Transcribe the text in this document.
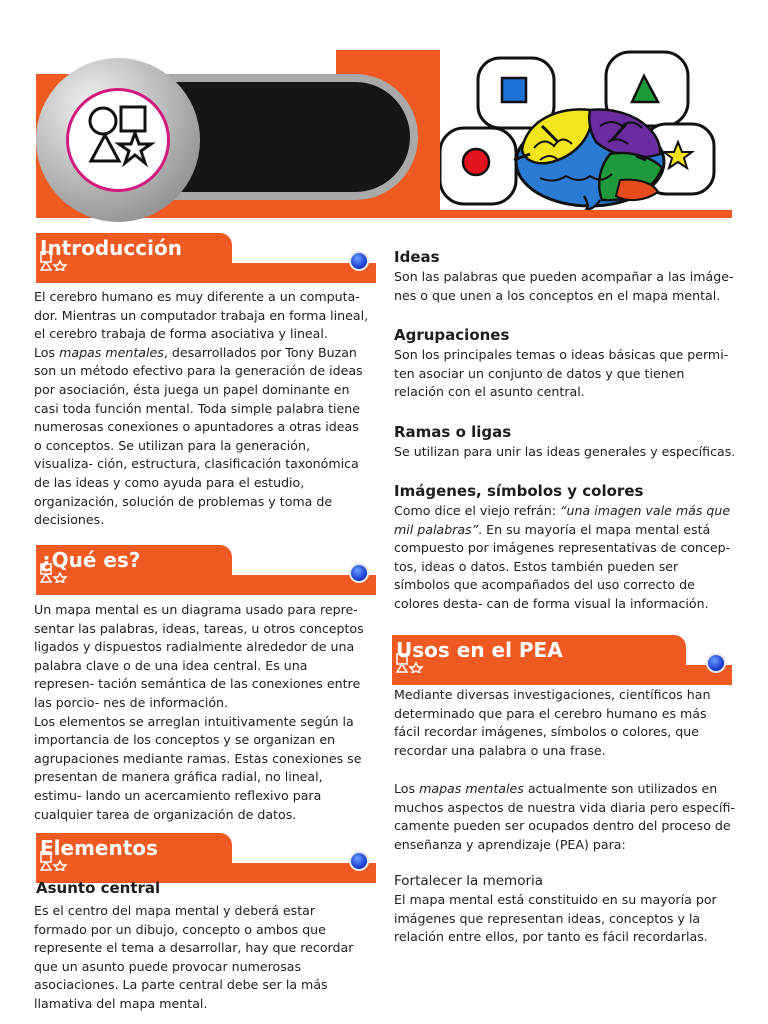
Introducción

El cerebro humano es muy diferente a un computa- dor. Mientras un computador trabaja en forma lineal, el cerebro trabaja de forma asociativa y lineal.

Los mapas mentales, desarrollados por Tony Buzan son un método efectivo para la generación de ideas por asociación, ésta juega un papel dominante en casi toda función mental. Toda simple palabra tiene numerosas conexiones o apuntadores a otras ideas o conceptos. Se utilizan para la generación, visualiza- ción, estructura, clasificación taxonómica de las ideas y como ayuda para el estudio, organización, solución de problemas y toma de decisiones.

¿Qué es?

Un mapa mental es un diagrama usado para repre- sentar las palabras, ideas, tareas, u otros conceptos ligados y dispuestos radialmente alrededor de una palabra clave o de una idea central. Es una represen- tación semántica de las conexiones entre las porcio- nes de información.

Los elementos se arreglan intuitivamente según la importancia de los conceptos y se organizan en agrupaciones mediante ramas. Estas conexiones se presentan de manera gráfica radial, no lineal, estimu- lando un acercamiento reflexivo para cualquier tarea de organización de datos.

Elementos
Asunto central
Es el centro del mapa mental y deberá estar formado por un dibujo, concepto o ambos que represente el tema a desarrollar, hay que recordar que un asunto puede provocar numerosas asociaciones. La parte central debe ser la más llamativa del mapa mental.
Ideas
Son las palabras que pueden acompañar a las imáge- nes o que unen a los conceptos en el mapa mental.
Agrupaciones
Son los principales temas o ideas básicas que permi- ten asociar un conjunto de datos y que tienen relación con el asunto central.
Ramas o ligas
Se utilizan para unir las ideas generales y específicas.
Imágenes, símbolos y colores
Como dice el viejo refrán: “una imagen vale más que mil palabras”. En su mayoría el mapa mental está compuesto por imágenes representativas de concep- tos, ideas o datos. Estos también pueden ser símbolos que acompañados del uso correcto de colores desta- can de forma visual la información.
Usos en el PEA
Mediante diversas investigaciones, científicos han determinado que para el cerebro humano es más fácil recordar imágenes, símbolos o colores, que recordar una palabra o una frase.
Los mapas mentales actualmente son utilizados en muchos aspectos de nuestra vida diaria pero específi- camente pueden ser ocupados dentro del proceso de enseñanza y aprendizaje (PEA) para:
Fortalecer la memoria
El mapa mental está constituido en su mayoría por imágenes que representan ideas, conceptos y la relación entre ellos, por tanto es fácil recordarlas.
